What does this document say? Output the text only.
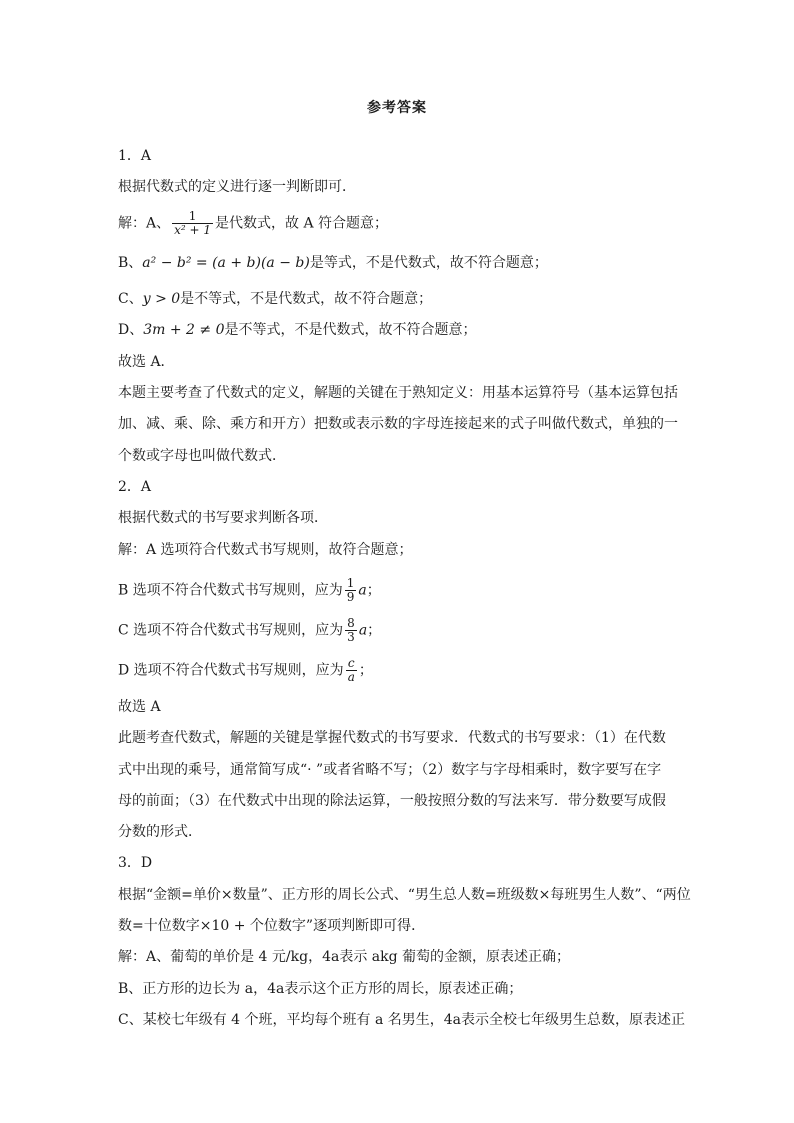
参考答案
1．A
根据代数式的定义进行逐一判断即可．
解：A、 $\frac{1}{\text{x² + 1}}$ 是代数式，故 A 符合题意；
B、a² − b² = (a + b)(a − b)是等式，不是代数式，故不符合题意；
C、y > 0是不等式，不是代数式，故不符合题意；
D、3m + 2 ≠ 0是不等式，不是代数式，故不符合题意；
故选 A．
本题主要考查了代数式的定义，解题的关键在于熟知定义：用基本运算符号（基本运算包括
加、减、乘、除、乘方和开方）把数或表示数的字母连接起来的式子叫做代数式，单独的一
个数或字母也叫做代数式．
2．A
根据代数式的书写要求判断各项．
解：A 选项符合代数式书写规则，故符合题意；
B 选项不符合代数式书写规则，应为 $\frac{1}{9}$ a；
C 选项不符合代数式书写规则，应为 $\frac{8}{3}$ a；
D 选项不符合代数式书写规则，应为 $\frac{c}{a}$ ；
故选 A
此题考查代数式，解题的关键是掌握代数式的书写要求．代数式的书写要求：（1）在代数
式中出现的乘号，通常简写成“· ”或者省略不写；（2）数字与字母相乘时，数字要写在字
母的前面；（3）在代数式中出现的除法运算，一般按照分数的写法来写．带分数要写成假
分数的形式．
3．D
根据“金额=单价×数量”、正方形的周长公式、“男生总人数=班级数×每班男生人数”、“两位
数=十位数字×10 + 个位数字”逐项判断即可得．
解：A、葡萄的单价是 4 元/kg，4a表示 akg 葡萄的金额，原表述正确；
B、正方形的边长为 a，4a表示这个正方形的周长，原表述正确；
C、某校七年级有 4 个班，平均每个班有 a 名男生，4a表示全校七年级男生总数，原表述正
